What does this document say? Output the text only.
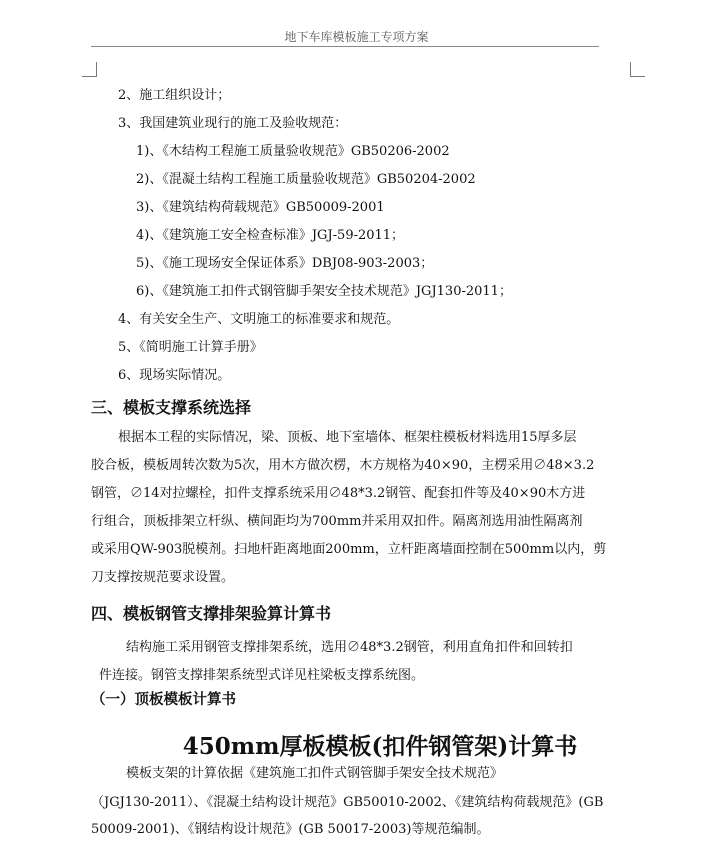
地下车库模板施工专项方案
2、施工组织设计；
3、我国建筑业现行的施工及验收规范：
1)、《木结构工程施工质量验收规范》GB50206-2002
2)、《混凝土结构工程施工质量验收规范》GB50204-2002
3)、《建筑结构荷载规范》GB50009-2001
4)、《建筑施工安全检查标准》JGJ-59-2011；
5)、《施工现场安全保证体系》DBJ08-903-2003；
6)、《建筑施工扣件式钢管脚手架安全技术规范》JGJ130-2011；
4、有关安全生产、文明施工的标准要求和规范。
5、《简明施工计算手册》
6、现场实际情况。
三、模板支撑系统选择
根据本工程的实际情况，梁、顶板、地下室墙体、框架柱模板材料选用15厚多层
胶合板，模板周转次数为5次，用木方做次楞，木方规格为40×90，主楞采用∅48×3.2
钢管，∅14对拉螺栓，扣件支撑系统采用∅48*3.2钢管、配套扣件等及40×90木方进
行组合，顶板排架立杆纵、横间距均为700mm并采用双扣件。隔离剂选用油性隔离剂
或采用QW-903脱模剂。扫地杆距离地面200mm，立杆距离墙面控制在500mm以内，剪
刀支撑按规范要求设置。
四、模板钢管支撑排架验算计算书
结构施工采用钢管支撑排架系统，选用∅48*3.2钢管，利用直角扣件和回转扣
件连接。钢管支撑排架系统型式详见柱梁板支撑系统图。
（一）顶板模板计算书
450mm厚板模板(扣件钢管架)计算书
模板支架的计算依据《建筑施工扣件式钢管脚手架安全技术规范》
（JGJ130-2011）、《混凝土结构设计规范》GB50010-2002、《建筑结构荷载规范》(GB
50009-2001)、《钢结构设计规范》(GB 50017-2003)等规范编制。
